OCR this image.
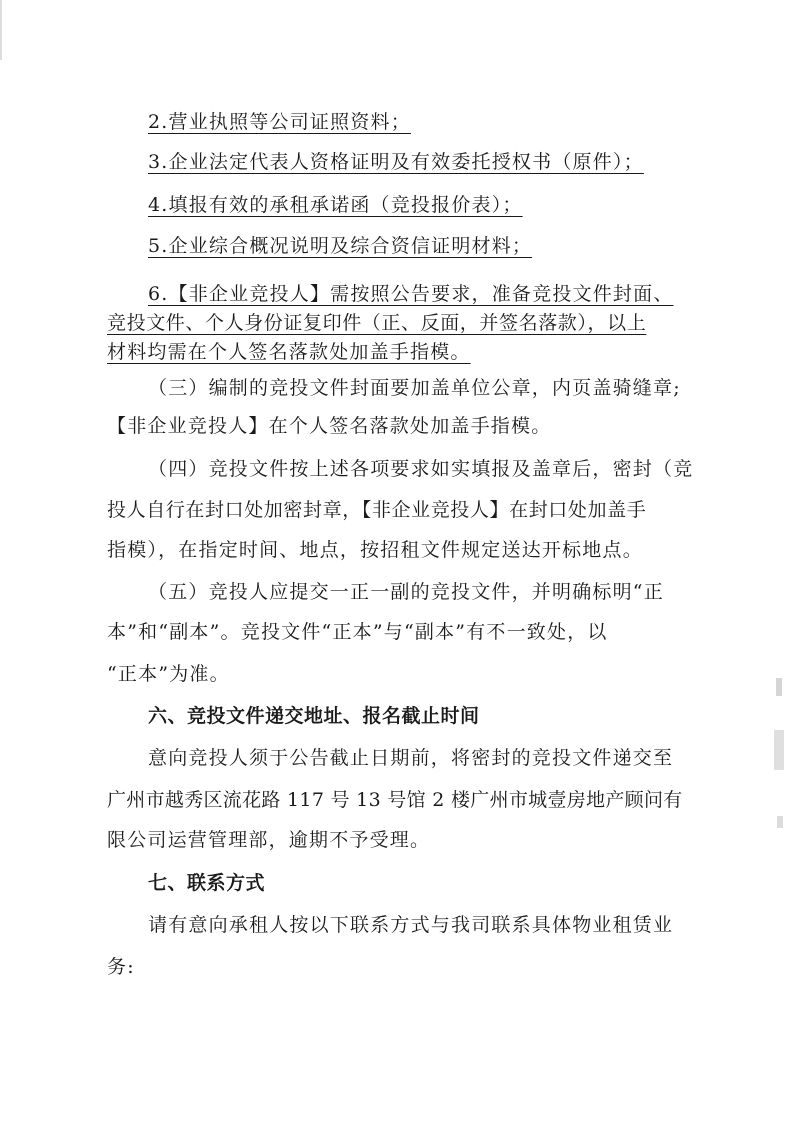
2.营业执照等公司证照资料；
3.企业法定代表人资格证明及有效委托授权书（原件）；
4.填报有效的承租承诺函（竞投报价表）；
5.企业综合概况说明及综合资信证明材料；
6.【非企业竞投人】需按照公告要求，准备竞投文件封面、
竞投文件、个人身份证复印件（正、反面，并签名落款），以上
材料均需在个人签名落款处加盖手指模。
（三）编制的竞投文件封面要加盖单位公章，内页盖骑缝章;
【非企业竞投人】在个人签名落款处加盖手指模。
（四）竞投文件按上述各项要求如实填报及盖章后，密封（竞
投人自行在封口处加密封章，【非企业竞投人】在封口处加盖手
指模），在指定时间、地点，按招租文件规定送达开标地点。
（五）竞投人应提交一正一副的竞投文件，并明确标明“正
本”和“副本”。竞投文件“正本”与“副本”有不一致处，以
“正本”为准。
六、竞投文件递交地址、报名截止时间
意向竞投人须于公告截止日期前，将密封的竞投文件递交至
广州市越秀区流花路 117 号 13 号馆 2 楼广州市城壹房地产顾问有
限公司运营管理部，逾期不予受理。
七、联系方式
请有意向承租人按以下联系方式与我司联系具体物业租赁业
务:
